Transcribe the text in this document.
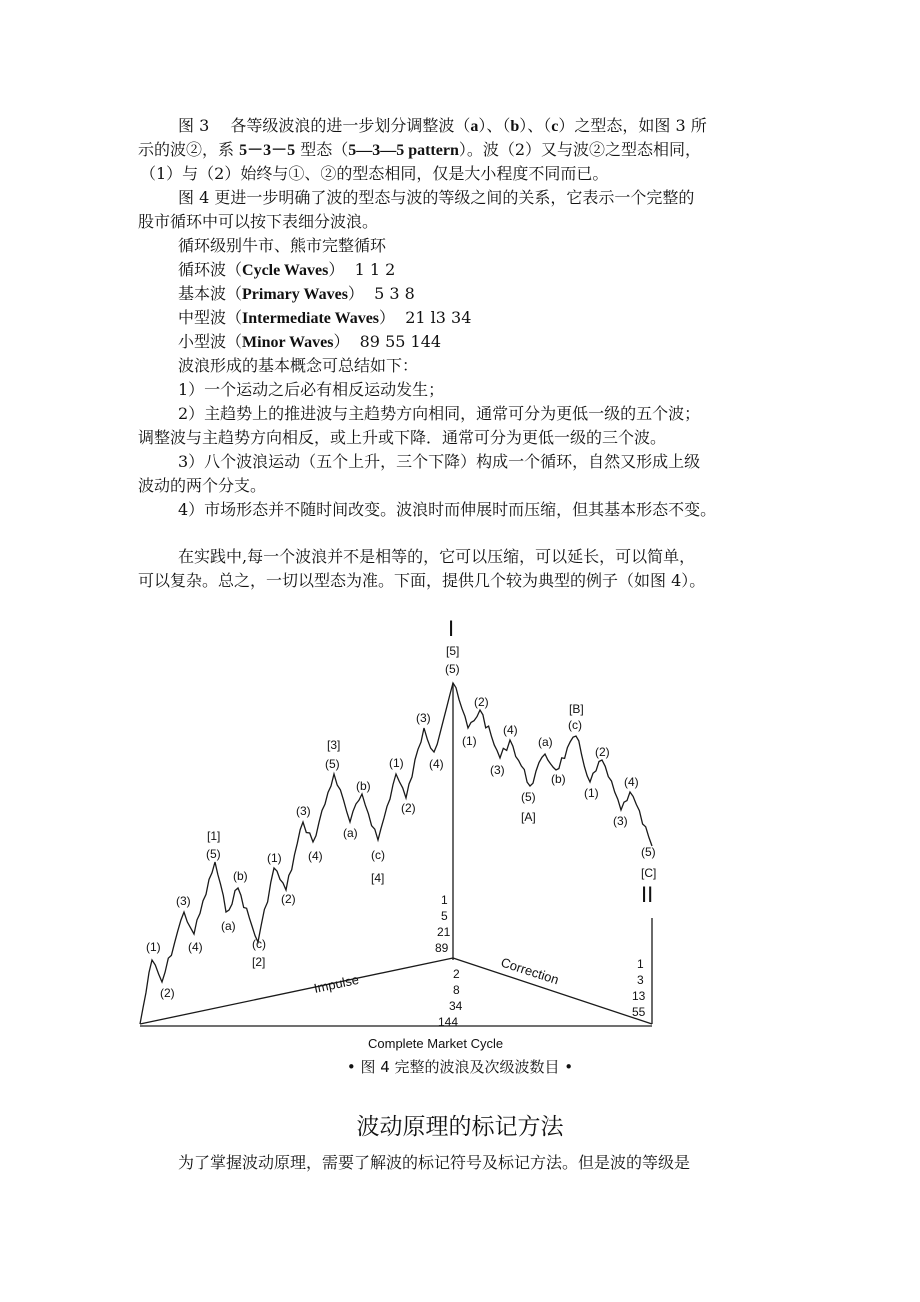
图 3　 各等级波浪的进一步划分调整波（a）、（b）、（c）之型态，如图 3 所
示的波②，系 5－3－5 型态（5—3—5 pattern）。波（2）又与波②之型态相同，
（1）与（2）始终与①、②的型态相同，仅是大小程度不同而已。
图 4 更进一步明确了波的型态与波的等级之间的关系，它表示一个完整的
股市循环中可以按下表细分波浪。
循环级别牛市、熊市完整循环
循环波（Cycle Waves） 1 1 2
基本波（Primary Waves） 5 3 8
中型波（Intermediate Waves） 21 l3 34
小型波（Minor Waves） 89 55 144
波浪形成的基本概念可总结如下：
1）一个运动之后必有相反运动发生；
2）主趋势上的推进波与主趋势方向相同，通常可分为更低一级的五个波；
调整波与主趋势方向相反，或上升或下降．通常可分为更低一级的三个波。
3）八个波浪运动（五个上升，三个下降）构成一个循环，自然又形成上级
波动的两个分支。
4）市场形态并不随时间改变。波浪时而伸展时而压缩，但其基本形态不变。
在实践中,每一个波浪并不是相等的，它可以压缩，可以延长，可以简单，
可以复杂。总之，一切以型态为准。下面，提供几个较为典型的例子（如图 4）。
I
II
Impulse	Correction
Complete Market Cycle
1
5
21
89
2
8
34
144
1
3
13
55
(1)
(2)
(3)
(4)
(5)
[1]
(a)
(b)
(c)
[2]
(1)
(2)
(3)
(4)
(5)
[3]
(a)
(b)
(c)
[4]
(1)
(2)
(3)
(4)
(5)
[5]
(1)
(2)
(3)
(4)
(5)
[A]
(a)
(b)
(c)
[B]
(1)
(2)
(3)
(4)
(5)
[C]
• 图 4 完整的波浪及次级波数目 •
波动原理的标记方法
为了掌握波动原理，需要了解波的标记符号及标记方法。但是波的等级是
